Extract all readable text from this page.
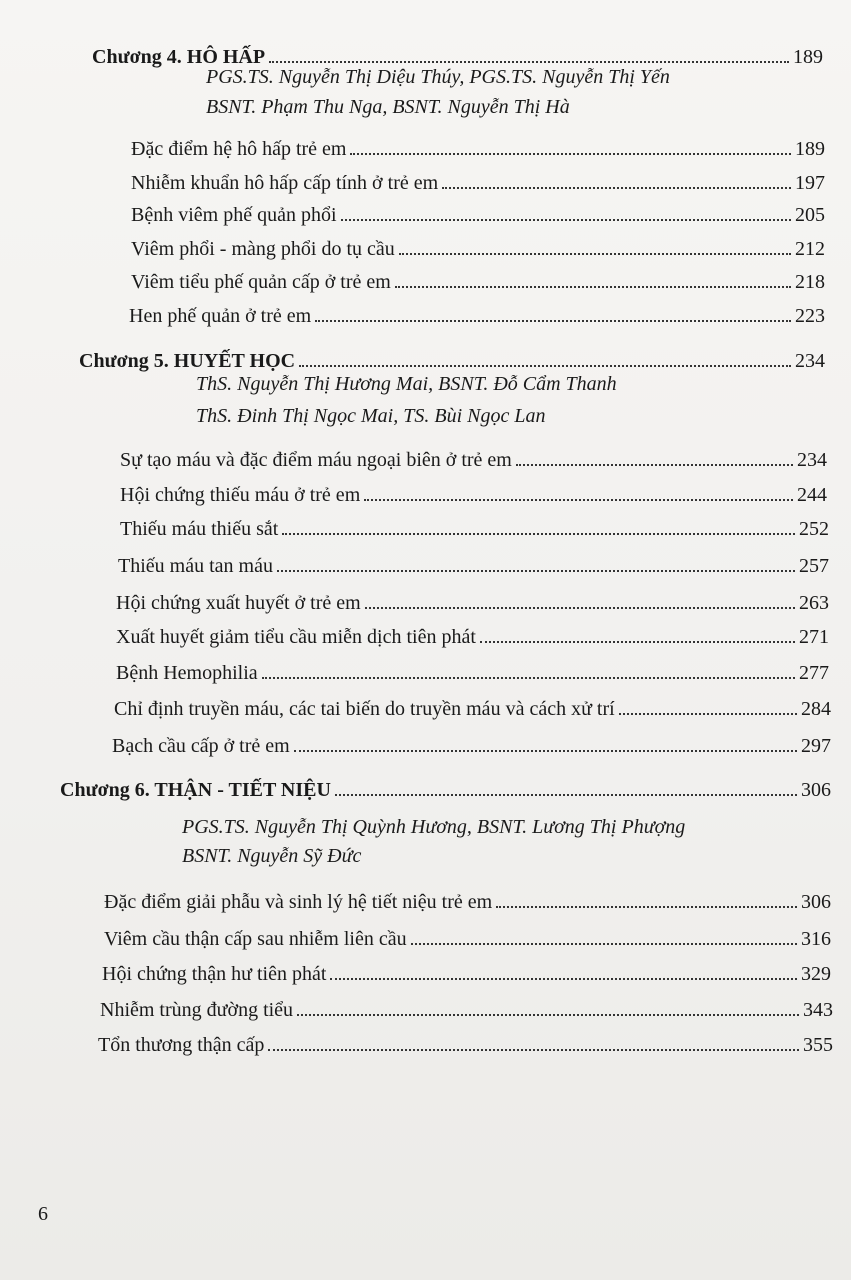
Chương 4. HÔ HẤP	189
PGS.TS. Nguyễn Thị Diệu Thúy, PGS.TS. Nguyễn Thị Yến
BSNT. Phạm Thu Nga, BSNT. Nguyễn Thị Hà
Đặc điểm hệ hô hấp trẻ em	189
Nhiễm khuẩn hô hấp cấp tính ở trẻ em	197
Bệnh viêm phế quản phổi	205
Viêm phổi - màng phổi do tụ cầu	212
Viêm tiểu phế quản cấp ở trẻ em	218
Hen phế quản ở trẻ em	223
Chương 5. HUYẾT HỌC	234
ThS. Nguyễn Thị Hương Mai, BSNT. Đỗ Cẩm Thanh
ThS. Đinh Thị Ngọc Mai, TS. Bùi Ngọc Lan
Sự tạo máu và đặc điểm máu ngoại biên ở trẻ em	234
Hội chứng thiếu máu ở trẻ em	244
Thiếu máu thiếu sắt	252
Thiếu máu tan máu	257
Hội chứng xuất huyết ở trẻ em	263
Xuất huyết giảm tiểu cầu miễn dịch tiên phát	271
Bệnh Hemophilia	277
Chỉ định truyền máu, các tai biến do truyền máu và cách xử trí	284
Bạch cầu cấp ở trẻ em	297
Chương 6. THẬN - TIẾT NIỆU	306
PGS.TS. Nguyễn Thị Quỳnh Hương, BSNT. Lương Thị Phượng
BSNT. Nguyễn Sỹ Đức
Đặc điểm giải phẫu và sinh lý hệ tiết niệu trẻ em	306
Viêm cầu thận cấp sau nhiễm liên cầu	316
Hội chứng thận hư tiên phát	329
Nhiễm trùng đường tiểu	343
Tổn thương thận cấp	355
6
